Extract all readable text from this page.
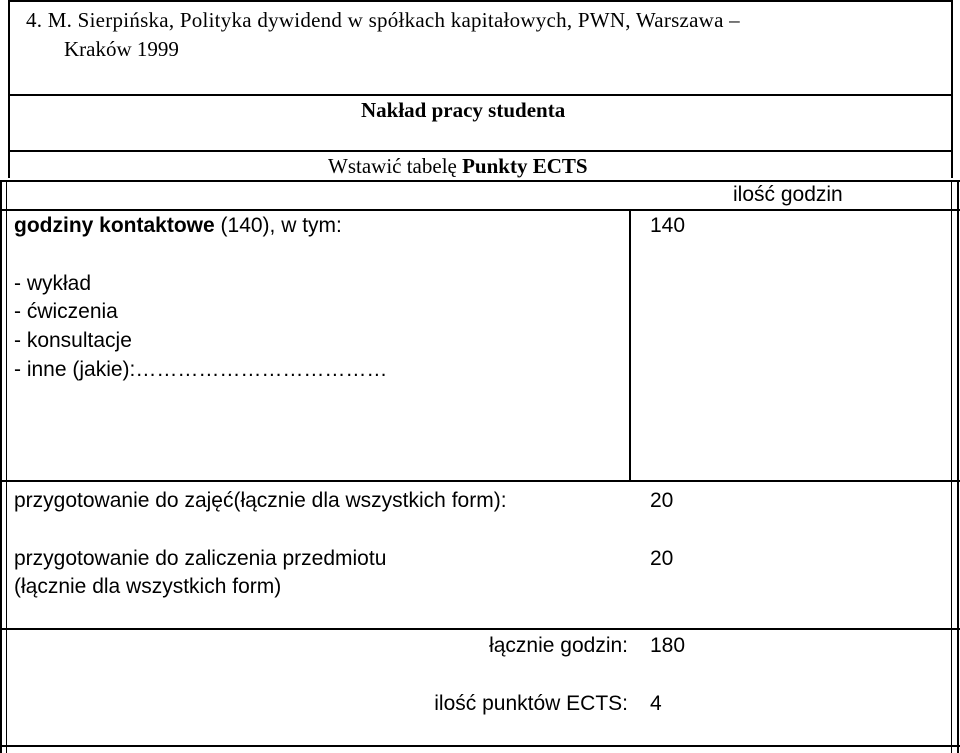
4. M. Sierpińska, Polityka dywidend w spółkach kapitałowych, PWN, Warszawa –
Kraków 1999
Nakład pracy studenta
Wstawić tabelę Punkty ECTS
ilość godzin
godziny kontaktowe (140), w tym:	140
- wykład
- ćwiczenia
- konsultacje
- inne (jakie):………………………………
przygotowanie do zajęć(łącznie dla wszystkich form):	20
przygotowanie do zaliczenia przedmiotu
(łącznie dla wszystkich form)
20
łącznie godzin: 180
ilość punktów ECTS: 4
